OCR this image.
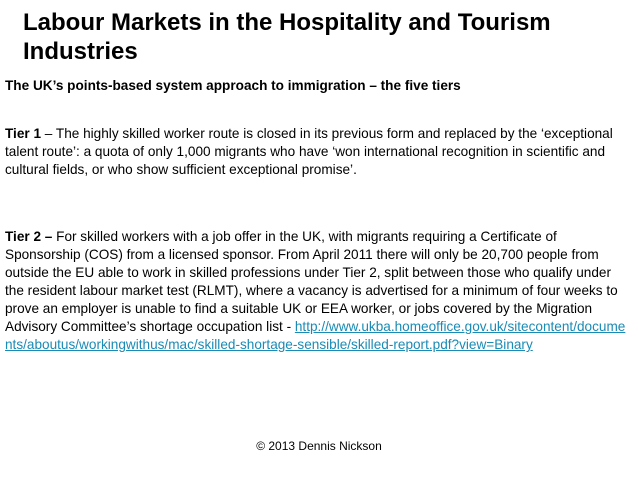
Labour Markets in the Hospitality and Tourism Industries

The UK’s points-based system approach to immigration – the five tiers

Tier 1 – The highly skilled worker route is closed in its previous form and replaced by the ‘exceptional talent route’: a quota of only 1,000 migrants who have ‘won international recognition in scientific and cultural fields, or who show sufficient exceptional promise’.

Tier 2 – For skilled workers with a job offer in the UK, with migrants requiring a Certificate of Sponsorship (COS) from a licensed sponsor. From April 2011 there will only be 20,700 people from outside the EU able to work in skilled professions under Tier 2, split between those who qualify under the resident labour market test (RLMT), where a vacancy is advertised for a minimum of four weeks to prove an employer is unable to find a suitable UK or EEA worker, or jobs covered by the Migration Advisory Committee’s shortage occupation list - http://www.ukba.homeoffice.gov.uk/sitecontent/documents/aboutus/workingwithus/mac/skilled-shortage-sensible/skilled-report.pdf?view=Binary

© 2013 Dennis Nickson
